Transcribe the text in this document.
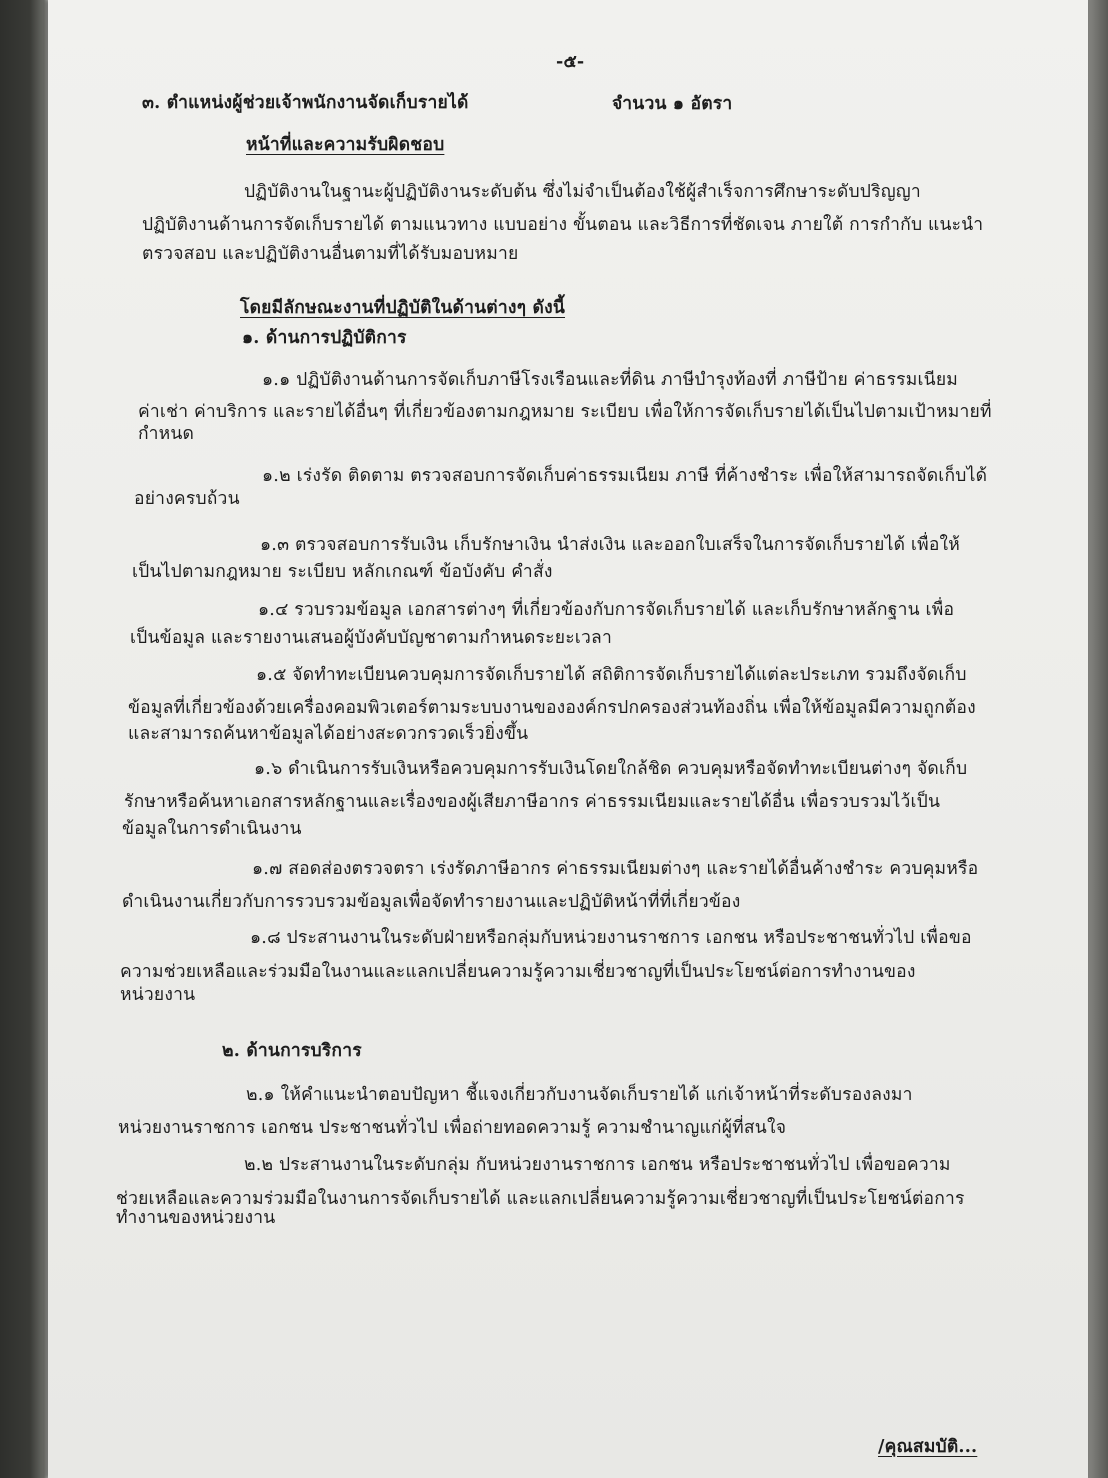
-๕-
๓. ตำแหน่งผู้ช่วยเจ้าพนักงานจัดเก็บรายได้	จำนวน ๑ อัตรา
หน้าที่และความรับผิดชอบ
ปฏิบัติงานในฐานะผู้ปฏิบัติงานระดับต้น ซึ่งไม่จำเป็นต้องใช้ผู้สำเร็จการศึกษาระดับปริญญา
ปฏิบัติงานด้านการจัดเก็บรายได้ ตามแนวทาง แบบอย่าง ขั้นตอน และวิธีการที่ชัดเจน ภายใต้ การกำกับ แนะนำ
ตรวจสอบ และปฏิบัติงานอื่นตามที่ได้รับมอบหมาย
โดยมีลักษณะงานที่ปฏิบัติในด้านต่างๆ ดังนี้
๑. ด้านการปฏิบัติการ
๑.๑ ปฏิบัติงานด้านการจัดเก็บภาษีโรงเรือนและที่ดิน ภาษีบำรุงท้องที่ ภาษีป้าย ค่าธรรมเนียม
ค่าเช่า ค่าบริการ และรายได้อื่นๆ ที่เกี่ยวข้องตามกฎหมาย ระเบียบ เพื่อให้การจัดเก็บรายได้เป็นไปตามเป้าหมายที่
กำหนด
๑.๒ เร่งรัด ติดตาม ตรวจสอบการจัดเก็บค่าธรรมเนียม ภาษี ที่ค้างชำระ เพื่อให้สามารถจัดเก็บได้
อย่างครบถ้วน
๑.๓ ตรวจสอบการรับเงิน เก็บรักษาเงิน นำส่งเงิน และออกใบเสร็จในการจัดเก็บรายได้ เพื่อให้
เป็นไปตามกฎหมาย ระเบียบ หลักเกณฑ์ ข้อบังคับ คำสั่ง
๑.๔ รวบรวมข้อมูล เอกสารต่างๆ ที่เกี่ยวข้องกับการจัดเก็บรายได้ และเก็บรักษาหลักฐาน เพื่อ
เป็นข้อมูล และรายงานเสนอผู้บังคับบัญชาตามกำหนดระยะเวลา
๑.๕ จัดทำทะเบียนควบคุมการจัดเก็บรายได้ สถิติการจัดเก็บรายได้แต่ละประเภท รวมถึงจัดเก็บ
ข้อมูลที่เกี่ยวข้องด้วยเครื่องคอมพิวเตอร์ตามระบบงานขององค์กรปกครองส่วนท้องถิ่น เพื่อให้ข้อมูลมีความถูกต้อง
และสามารถค้นหาข้อมูลได้อย่างสะดวกรวดเร็วยิ่งขึ้น
๑.๖ ดำเนินการรับเงินหรือควบคุมการรับเงินโดยใกล้ชิด ควบคุมหรือจัดทำทะเบียนต่างๆ จัดเก็บ
รักษาหรือค้นหาเอกสารหลักฐานและเรื่องของผู้เสียภาษีอากร ค่าธรรมเนียมและรายได้อื่น เพื่อรวบรวมไว้เป็น
ข้อมูลในการดำเนินงาน
๑.๗ สอดส่องตรวจตรา เร่งรัดภาษีอากร ค่าธรรมเนียมต่างๆ และรายได้อื่นค้างชำระ ควบคุมหรือ
ดำเนินงานเกี่ยวกับการรวบรวมข้อมูลเพื่อจัดทำรายงานและปฏิบัติหน้าที่ที่เกี่ยวข้อง
๑.๘ ประสานงานในระดับฝ่ายหรือกลุ่มกับหน่วยงานราชการ เอกชน หรือประชาชนทั่วไป เพื่อขอ
ความช่วยเหลือและร่วมมือในงานและแลกเปลี่ยนความรู้ความเชี่ยวชาญที่เป็นประโยชน์ต่อการทำงานของ
หน่วยงาน
๒. ด้านการบริการ
๒.๑ ให้คำแนะนำตอบปัญหา ชี้แจงเกี่ยวกับงานจัดเก็บรายได้ แก่เจ้าหน้าที่ระดับรองลงมา
หน่วยงานราชการ เอกชน ประชาชนทั่วไป เพื่อถ่ายทอดความรู้ ความชำนาญแก่ผู้ที่สนใจ
๒.๒ ประสานงานในระดับกลุ่ม กับหน่วยงานราชการ เอกชน หรือประชาชนทั่วไป เพื่อขอความ
ช่วยเหลือและความร่วมมือในงานการจัดเก็บรายได้ และแลกเปลี่ยนความรู้ความเชี่ยวชาญที่เป็นประโยชน์ต่อการ
ทำงานของหน่วยงาน
/คุณสมบัติ...
